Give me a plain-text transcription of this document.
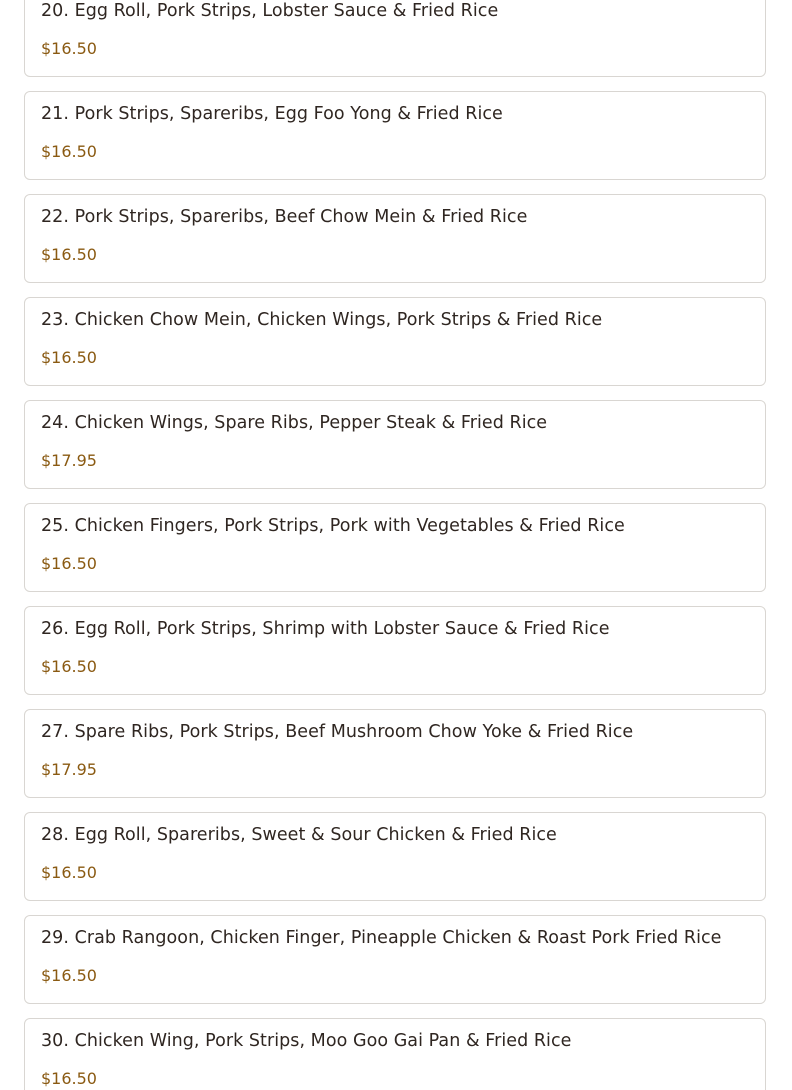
20. Egg Roll, Pork Strips, Lobster Sauce & Fried Rice
$16.50
21. Pork Strips, Spareribs, Egg Foo Yong & Fried Rice
$16.50
22. Pork Strips, Spareribs, Beef Chow Mein & Fried Rice
$16.50
23. Chicken Chow Mein, Chicken Wings, Pork Strips & Fried Rice
$16.50
24. Chicken Wings, Spare Ribs, Pepper Steak & Fried Rice
$17.95
25. Chicken Fingers, Pork Strips, Pork with Vegetables & Fried Rice
$16.50
26. Egg Roll, Pork Strips, Shrimp with Lobster Sauce & Fried Rice
$16.50
27. Spare Ribs, Pork Strips, Beef Mushroom Chow Yoke & Fried Rice
$17.95
28. Egg Roll, Spareribs, Sweet & Sour Chicken & Fried Rice
$16.50
29. Crab Rangoon, Chicken Finger, Pineapple Chicken & Roast Pork Fried Rice
$16.50
30. Chicken Wing, Pork Strips, Moo Goo Gai Pan & Fried Rice
$16.50
